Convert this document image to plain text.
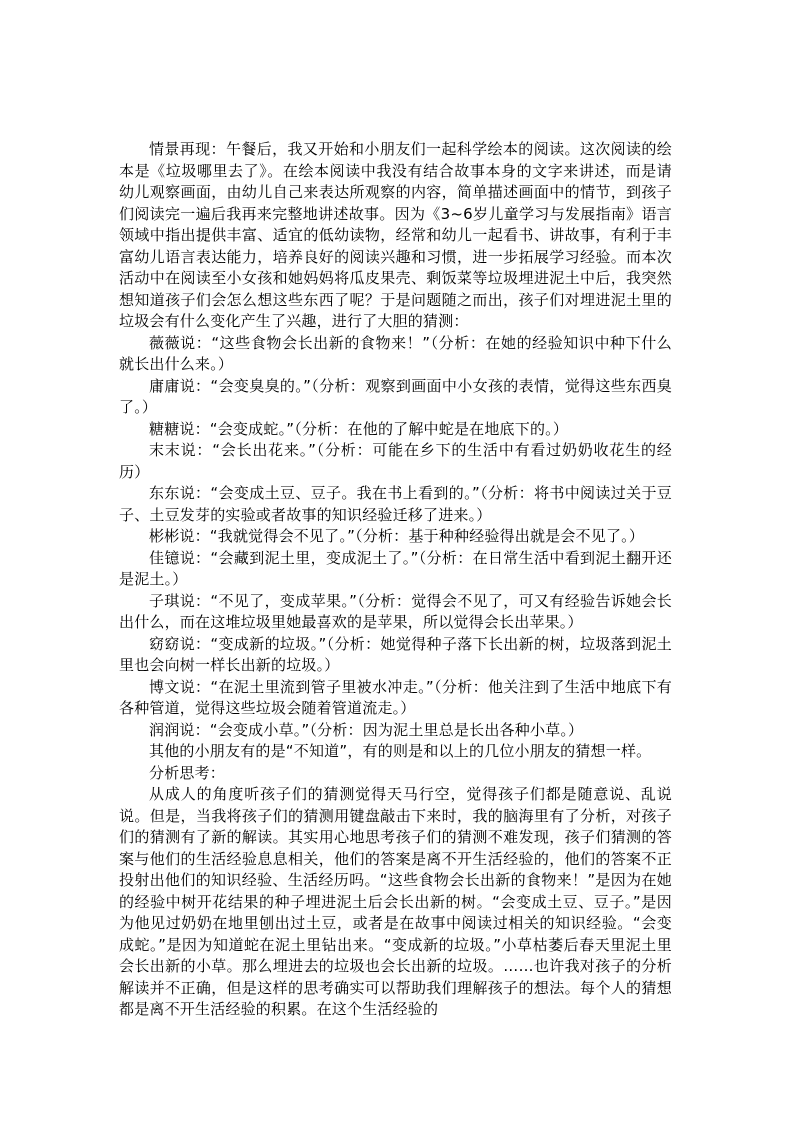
情景再现：午餐后，我又开始和小朋友们一起科学绘本的阅读。这次阅读的绘本是《垃圾哪里去了》。在绘本阅读中我没有结合故事本身的文字来讲述，而是请幼儿观察画面，由幼儿自己来表达所观察的内容，简单描述画面中的情节，到孩子们阅读完一遍后我再来完整地讲述故事。因为《3~6岁儿童学习与发展指南》语言领域中指出提供丰富、适宜的低幼读物，经常和幼儿一起看书、讲故事，有利于丰富幼儿语言表达能力，培养良好的阅读兴趣和习惯，进一步拓展学习经验。而本次活动中在阅读至小女孩和她妈妈将瓜皮果壳、剩饭菜等垃圾埋进泥土中后，我突然想知道孩子们会怎么想这些东西了呢？于是问题随之而出，孩子们对埋进泥土里的垃圾会有什么变化产生了兴趣，进行了大胆的猜测：

薇薇说：“这些食物会长出新的食物来！”（分析：在她的经验知识中种下什么就长出什么来。）

庸庸说：“会变臭臭的。”（分析：观察到画面中小女孩的表情，觉得这些东西臭了。）

糖糖说：“会变成蛇。”（分析：在他的了解中蛇是在地底下的。）

末末说：“会长出花来。”（分析：可能在乡下的生活中有看过奶奶收花生的经历）

东东说：“会变成土豆、豆子。我在书上看到的。”（分析：将书中阅读过关于豆子、土豆发芽的实验或者故事的知识经验迁移了进来。）

彬彬说：“我就觉得会不见了。”（分析：基于种种经验得出就是会不见了。）

佳镱说：“会藏到泥土里，变成泥土了。”（分析：在日常生活中看到泥土翻开还是泥土。）

子琪说：“不见了，变成苹果。”（分析：觉得会不见了，可又有经验告诉她会长出什么，而在这堆垃圾里她最喜欢的是苹果，所以觉得会长出苹果。）

窈窈说：“变成新的垃圾。”（分析：她觉得种子落下长出新的树，垃圾落到泥土里也会向树一样长出新的垃圾。）

博文说：“在泥土里流到管子里被水冲走。”（分析：他关注到了生活中地底下有各种管道，觉得这些垃圾会随着管道流走。）

润润说：“会变成小草。”（分析：因为泥土里总是长出各种小草。）

其他的小朋友有的是“不知道”，有的则是和以上的几位小朋友的猜想一样。

分析思考：

从成人的角度听孩子们的猜测觉得天马行空，觉得孩子们都是随意说、乱说说。但是，当我将孩子们的猜测用键盘敲击下来时，我的脑海里有了分析，对孩子们的猜测有了新的解读。其实用心地思考孩子们的猜测不难发现，孩子们猜测的答案与他们的生活经验息息相关，他们的答案是离不开生活经验的，他们的答案不正投射出他们的知识经验、生活经历吗。“这些食物会长出新的食物来！”是因为在她的经验中树开花结果的种子埋进泥土后会长出新的树。“会变成土豆、豆子。”是因为他见过奶奶在地里刨出过土豆，或者是在故事中阅读过相关的知识经验。“会变成蛇。”是因为知道蛇在泥土里钻出来。“变成新的垃圾。”小草枯萎后春天里泥土里会长出新的小草。那么埋进去的垃圾也会长出新的垃圾。……也许我对孩子的分析解读并不正确，但是这样的思考确实可以帮助我们理解孩子的想法。每个人的猜想都是离不开生活经验的积累。在这个生活经验的
